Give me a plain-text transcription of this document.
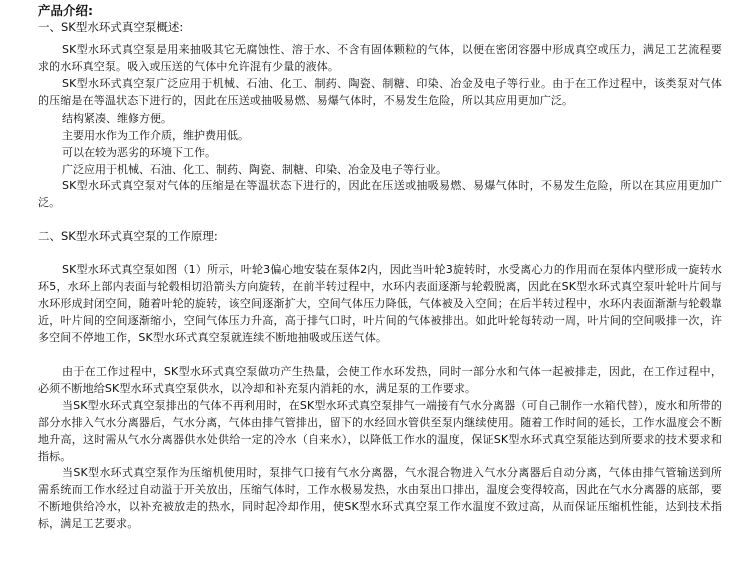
产品介绍:

一、SK型水环式真空泵概述:

SK型水环式真空泵是用来抽吸其它无腐蚀性、溶于水、不含有固体颗粒的气体，以便在密闭容器中形成真空或压力，满足工艺流程要求的水环真空泵。吸入或压送的气体中允许混有少量的液体。

SK型水环式真空泵广泛应用于机械、石油、化工、制药、陶瓷、制糖、印染、冶金及电子等行业。由于在工作过程中，该类泵对气体的压缩是在等温状态下进行的，因此在压送或抽吸易燃、易爆气体时，不易发生危险，所以其应用更加广泛。

结构紧凑、维修方便。

主要用水作为工作介质，维护费用低。

可以在较为恶劣的环境下工作。

广泛应用于机械、石油、化工、制药、陶瓷、制糖、印染、冶金及电子等行业。

SK型水环式真空泵对气体的压缩是在等温状态下进行的，因此在压送或抽吸易燃、易爆气体时，不易发生危险，所以在其应用更加广泛。

二、SK型水环式真空泵的工作原理:

SK型水环式真空泵如图（1）所示，叶轮3偏心地安装在泵体2内，因此当叶轮3旋转时，水受离心力的作用而在泵体内壁形成一旋转水环5，水环上部内表面与轮毂相切沿箭头方向旋转，在前半转过程中，水环内表面逐渐与轮毂脱离，因此在SK型水环式真空泵叶轮叶片间与水环形成封闭空间，随着叶轮的旋转，该空间逐渐扩大，空间气体压力降低，气体被及入空间；在后半转过程中，水环内表面渐渐与轮毂靠近，叶片间的空间逐渐缩小，空间气体压力升高，高于排气口时，叶片间的气体被排出。如此叶轮每转动一周，叶片间的空间吸排一次，许多空间不停地工作，SK型水环式真空泵就连续不断地抽吸或压送气体。

由于在工作过程中，SK型水环式真空泵做功产生热量，会使工作水环发热，同时一部分水和气体一起被排走，因此，在工作过程中，必须不断地给SK型水环式真空泵供水，以冷却和补充泵内消耗的水，满足泵的工作要求。

当SK型水环式真空泵排出的气体不再利用时，在SK型水环式真空泵排气一端接有气水分离器（可自己制作一水箱代替），废水和所带的部分水排入气水分离器后，气水分离，气体由排气管排出，留下的水经回水管供至泵内继续使用。随着工作时间的延长，工作水温度会不断地升高，这时需从气水分离器供水处供给一定的冷水（自来水），以降低工作水的温度，保证SK型水环式真空泵能达到所要求的技术要求和指标。

当SK型水环式真空泵作为压缩机使用时，泵排气口接有气水分离器，气水混合物进入气水分离器后自动分离，气体由排气管输送到所需系统而工作水经过自动溢于开关放出，压缩气体时，工作水极易发热，水由泵出口排出，温度会变得较高，因此在气水分离器的底部，要不断地供给冷水，以补充被放走的热水，同时起冷却作用，使SK型水环式真空泵工作水温度不致过高，从而保证压缩机性能，达到技术指标，满足工艺要求。
